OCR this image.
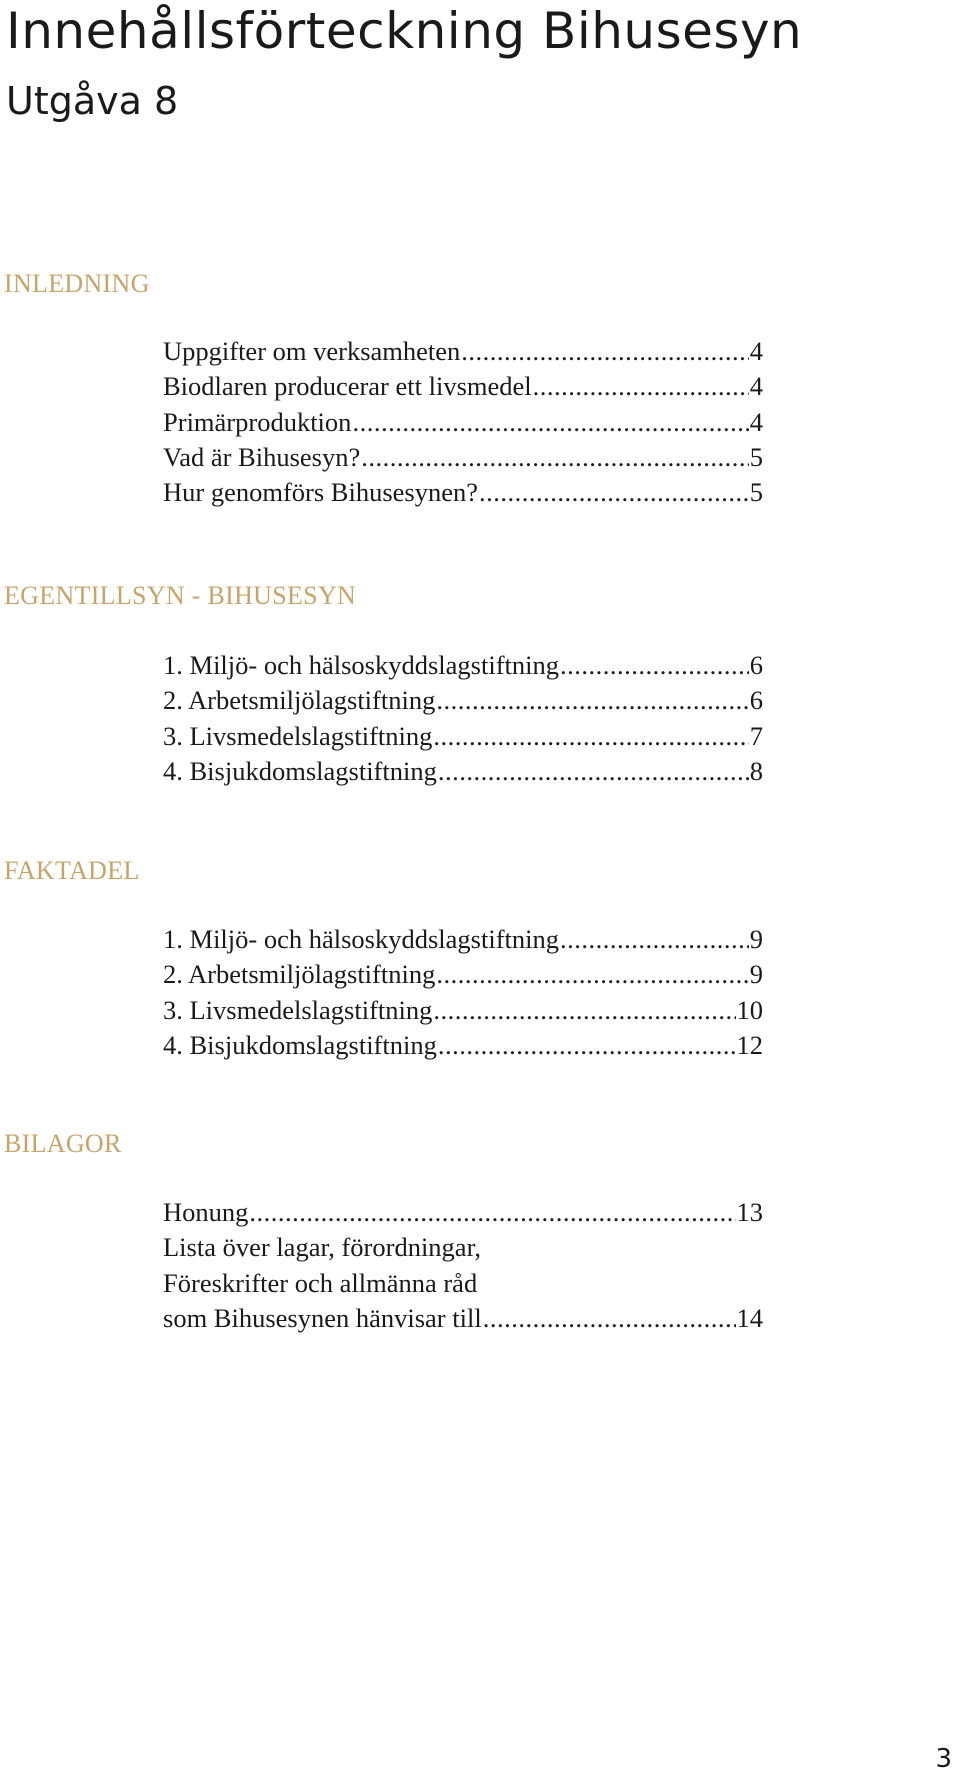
Innehållsförteckning Bihusesyn
Utgåva 8
INLEDNING
Uppgifter om verksamheten .....	4
Biodlaren producerar ett livsmedel .....	4
Primärproduktion .....	4
Vad är Bihusesyn? .....	5
Hur genomförs Bihusesynen? .....	5
EGENTILLSYN - BIHUSESYN
1. Miljö- och hälsoskyddslagstiftning .....	6
2. Arbetsmiljölagstiftning .....	6
3. Livsmedelslagstiftning .....	7
4. Bisjukdomslagstiftning .....	8
FAKTADEL
1. Miljö- och hälsoskyddslagstiftning .....	9
2. Arbetsmiljölagstiftning .....	9
3. Livsmedelslagstiftning .....	10
4. Bisjukdomslagstiftning .....	12
BILAGOR
Honung .....	13
Lista över lagar, förordningar,
Föreskrifter och allmänna råd
som Bihusesynen hänvisar till .....	14
3
